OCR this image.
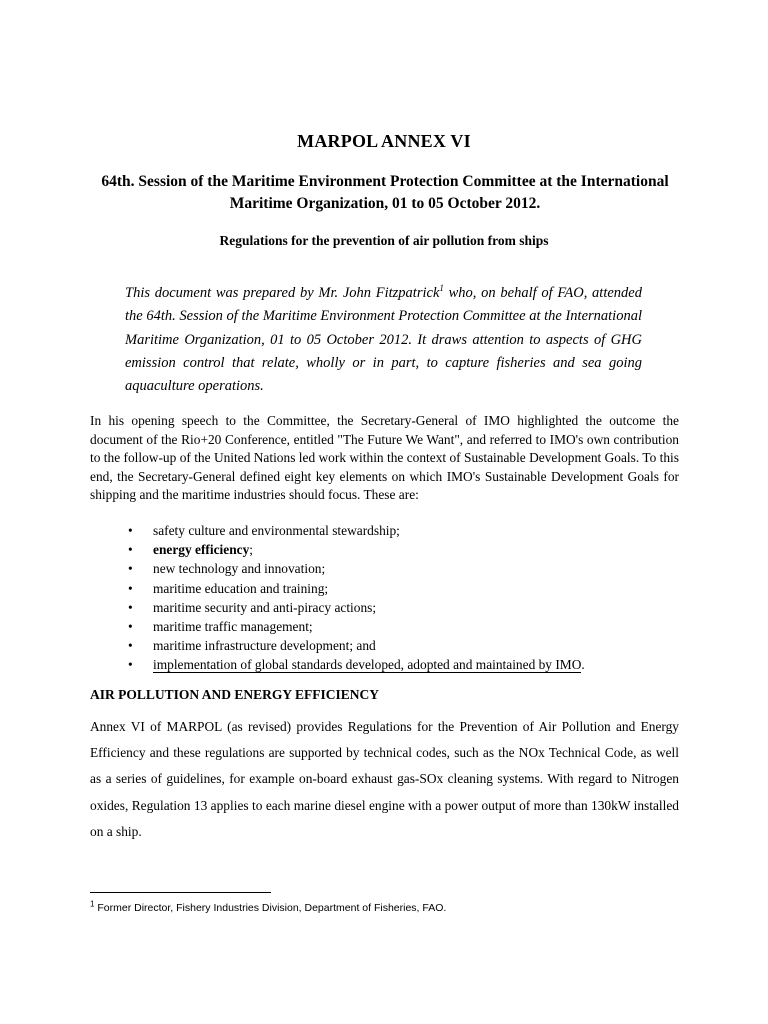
MARPOL ANNEX VI
64th. Session of the Maritime Environment Protection Committee at the International Maritime Organization, 01 to 05 October 2012.
Regulations for the prevention of air pollution from ships
This document was prepared by Mr. John Fitzpatrick$^1$ who, on behalf of FAO, attended the 64th. Session of the Maritime Environment Protection Committee at the International Maritime Organization, 01 to 05 October 2012. It draws attention to aspects of GHG emission control that relate, wholly or in part, to capture fisheries and sea going aquaculture operations.
In his opening speech to the Committee, the Secretary-General of IMO highlighted the outcome the document of the Rio+20 Conference, entitled "The Future We Want", and referred to IMO's own contribution to the follow-up of the United Nations led work within the context of Sustainable Development Goals. To this end, the Secretary-General defined eight key elements on which IMO's Sustainable Development Goals for shipping and the maritime industries should focus. These are:
• safety culture and environmental stewardship;
• energy efficiency;
• new technology and innovation;
• maritime education and training;
• maritime security and anti-piracy actions;
• maritime traffic management;
• maritime infrastructure development; and
• implementation of global standards developed, adopted and maintained by IMO.
AIR POLLUTION AND ENERGY EFFICIENCY
Annex VI of MARPOL (as revised) provides Regulations for the Prevention of Air Pollution and Energy Efficiency and these regulations are supported by technical codes, such as the NOx Technical Code, as well as a series of guidelines, for example on-board exhaust gas-SOx cleaning systems. With regard to Nitrogen oxides, Regulation 13 applies to each marine diesel engine with a power output of more than 130kW installed on a ship.
$^1$ Former Director, Fishery Industries Division, Department of Fisheries, FAO.
